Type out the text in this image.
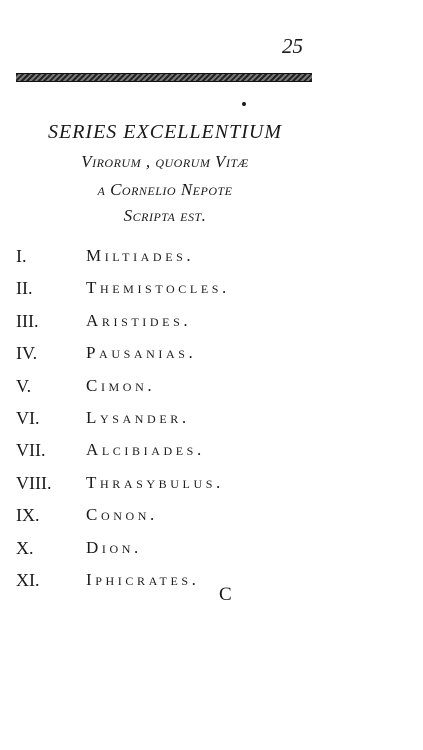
25
SERIES EXCELLENTIUM
Virorum , quorum Vitæ
a Cornelio Nepote
Scripta est.
I.	Miltiades.
II.	Themistocles.
III.	Aristides.
IV.	Pausanias.
V.	Cimon.
VI.	Lysander.
VII. Alcibiades.
VIII. Thrasybulus.
IX.	Conon.
X.	Dion.
XI.	Iphicrates.
C
